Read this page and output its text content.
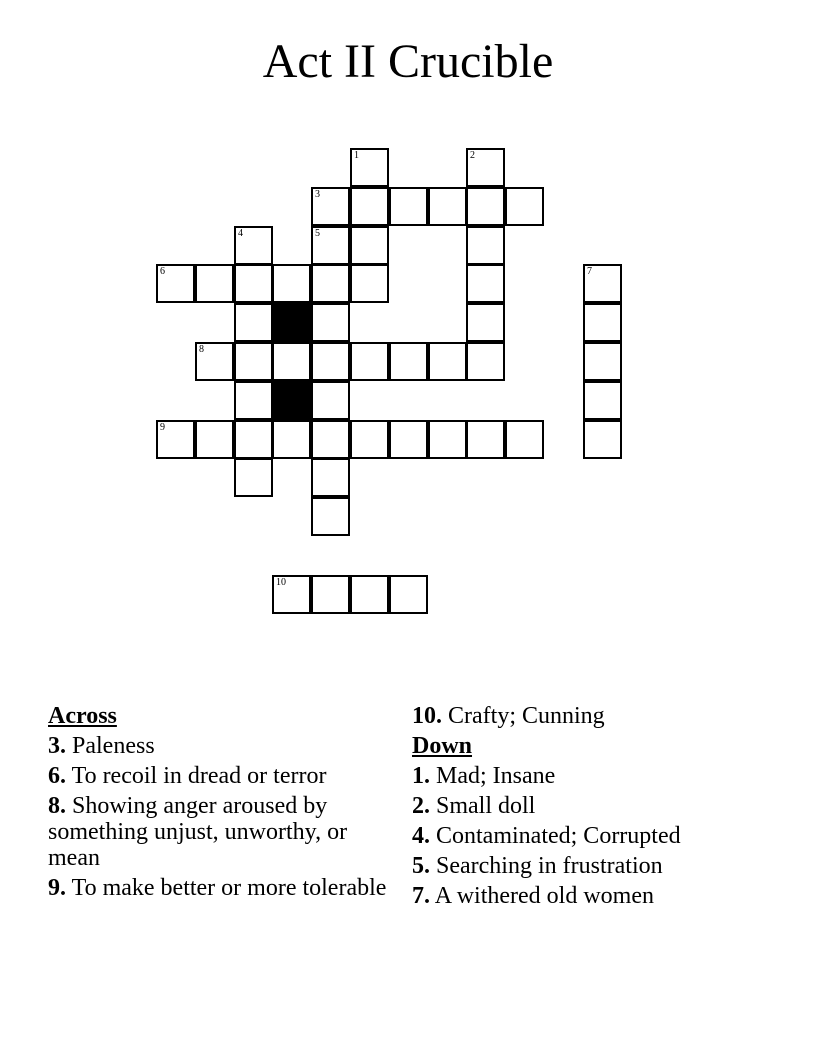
Act II Crucible
1	2
3
4	5
6	7
8
9
10
Across
3. Paleness
6. To recoil in dread or terror
8. Showing anger aroused by something unjust, unworthy, or mean
9. To make better or more tolerable
10. Crafty; Cunning
Down
1. Mad; Insane
2. Small doll
4. Contaminated; Corrupted
5. Searching in frustration
7. A withered old women
